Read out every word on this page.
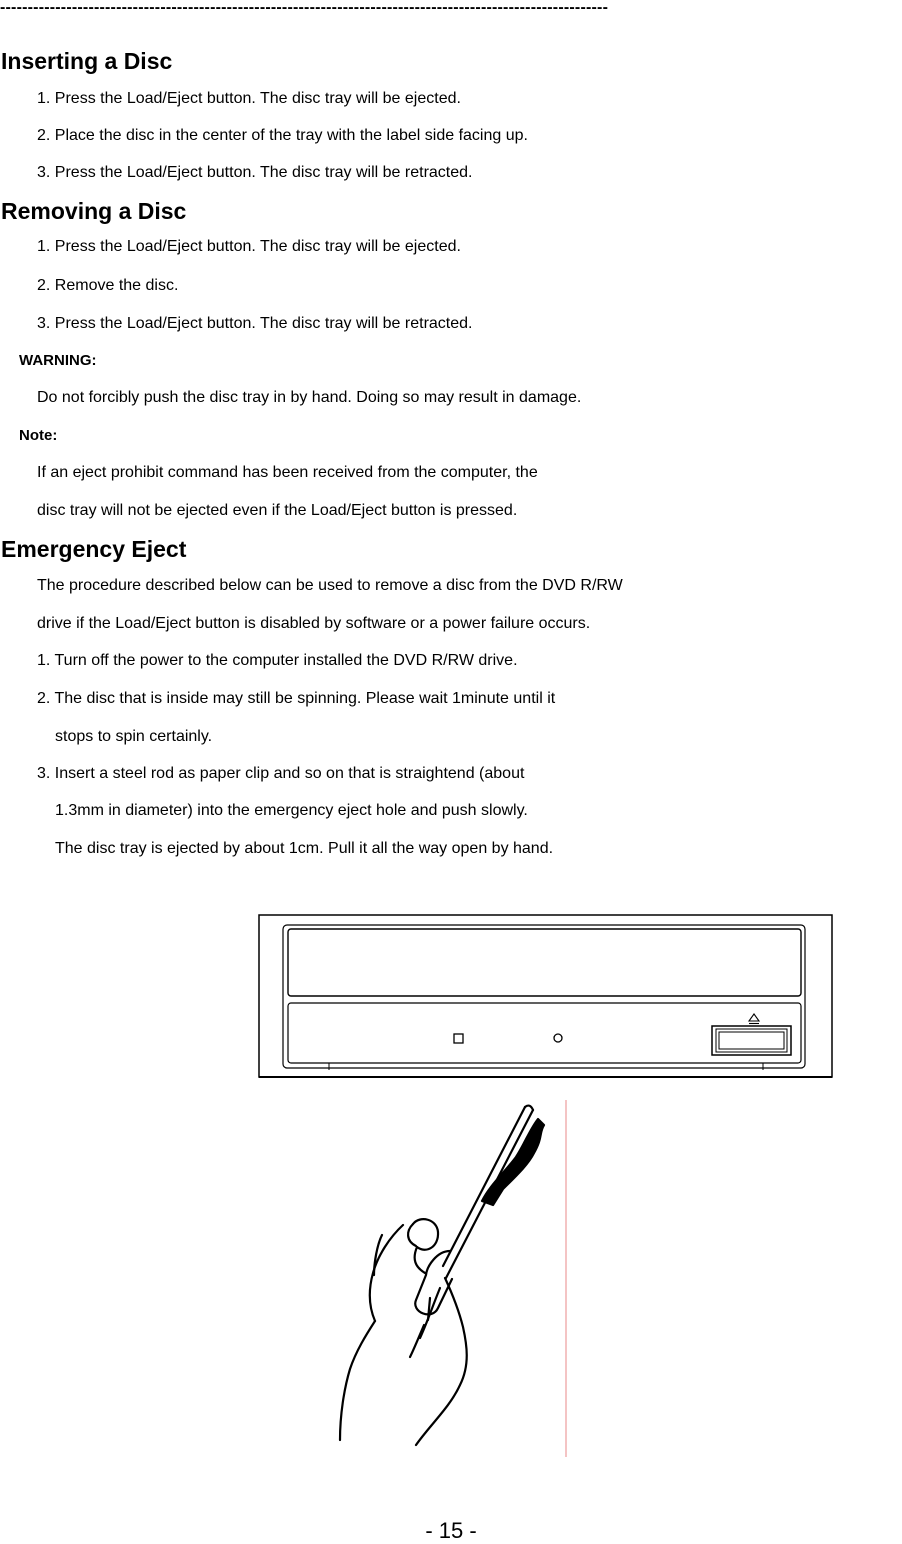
--------------------------------------------------------------------------------------------------------------
Inserting a Disc
1. Press the Load/Eject button. The disc tray will be ejected.
2. Place the disc in the center of the tray with the label side facing up.
3. Press the Load/Eject button. The disc tray will be retracted.
Removing a Disc
1. Press the Load/Eject button. The disc tray will be ejected.
2. Remove the disc.
3. Press the Load/Eject button. The disc tray will be retracted.
WARNING:
Do not forcibly push the disc tray in by hand. Doing so may result in damage.
Note:
If an eject prohibit command has been received from the computer, the
disc tray will not be ejected even if the Load/Eject button is pressed.
Emergency Eject
The procedure described below can be used to remove a disc from the DVD R/RW
drive if the Load/Eject button is disabled by software or a power failure occurs.
1. Turn off the power to the computer installed the DVD R/RW drive.
2. The disc that is inside may still be spinning. Please wait 1minute until it
stops to spin certainly.
3. Insert a steel rod as paper clip and so on that is straightend (about
1.3mm in diameter) into the emergency eject hole and push slowly.
The disc tray is ejected by about 1cm. Pull it all the way open by hand.
- 15 -
